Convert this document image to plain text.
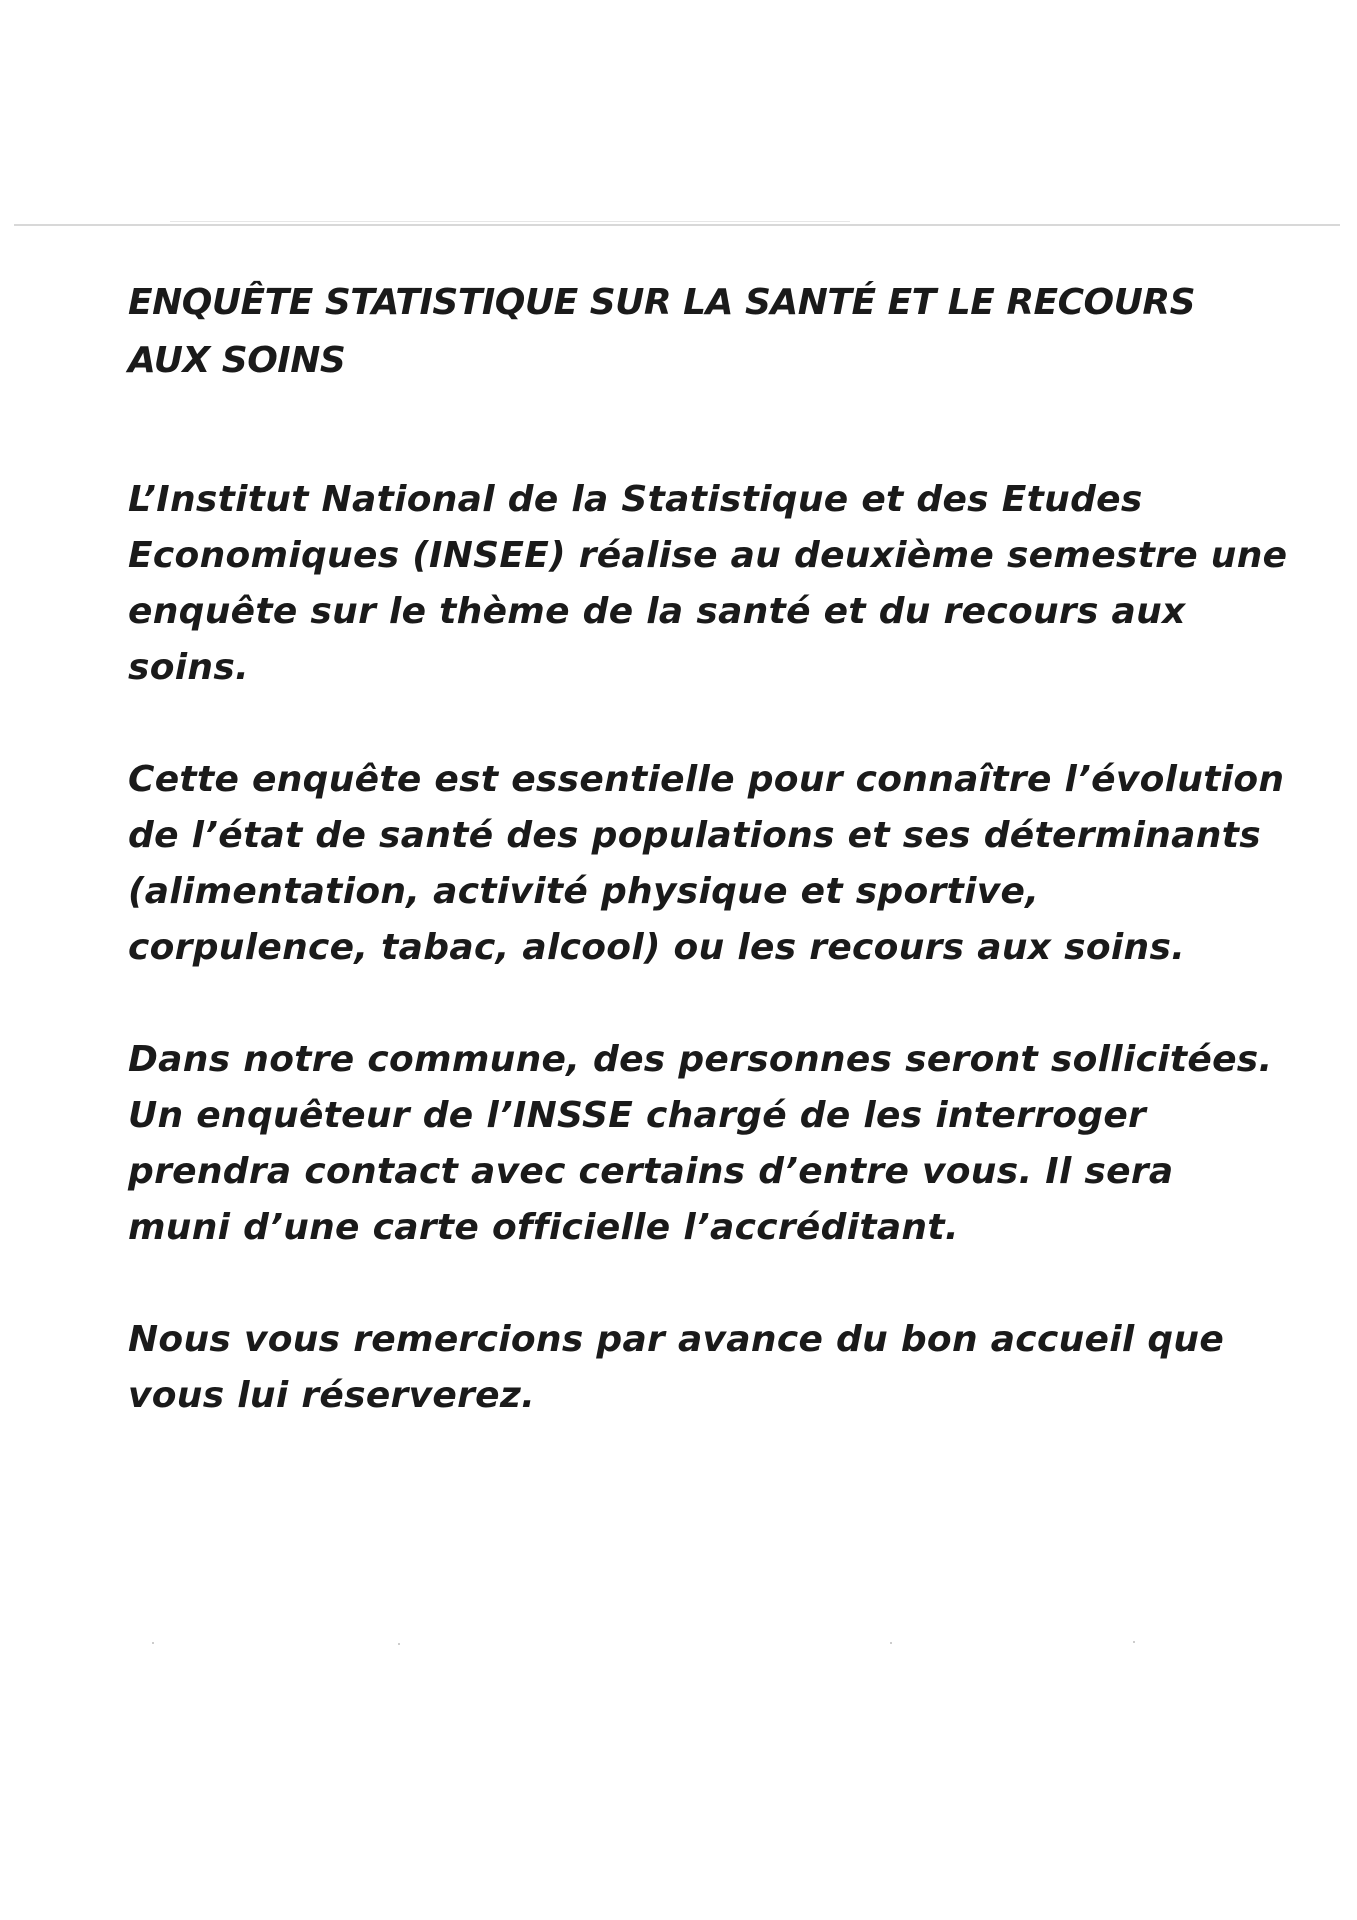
ENQUÊTE STATISTIQUE SUR LA SANTÉ ET LE RECOURS AUX SOINS

L’Institut National de la Statistique et des Etudes Economiques (INSEE) réalise au deuxième semestre une enquête sur le thème de la santé et du recours aux soins.

Cette enquête est essentielle pour connaître l’évolution de l’état de santé des populations et ses déterminants (alimentation, activité physique et sportive, corpulence, tabac, alcool) ou les recours aux soins.

Dans notre commune, des personnes seront sollicitées. Un enquêteur de l’INSSE chargé de les interroger prendra contact avec certains d’entre vous. Il sera muni d’une carte officielle l’accréditant.

Nous vous remercions par avance du bon accueil que vous lui réserverez.
